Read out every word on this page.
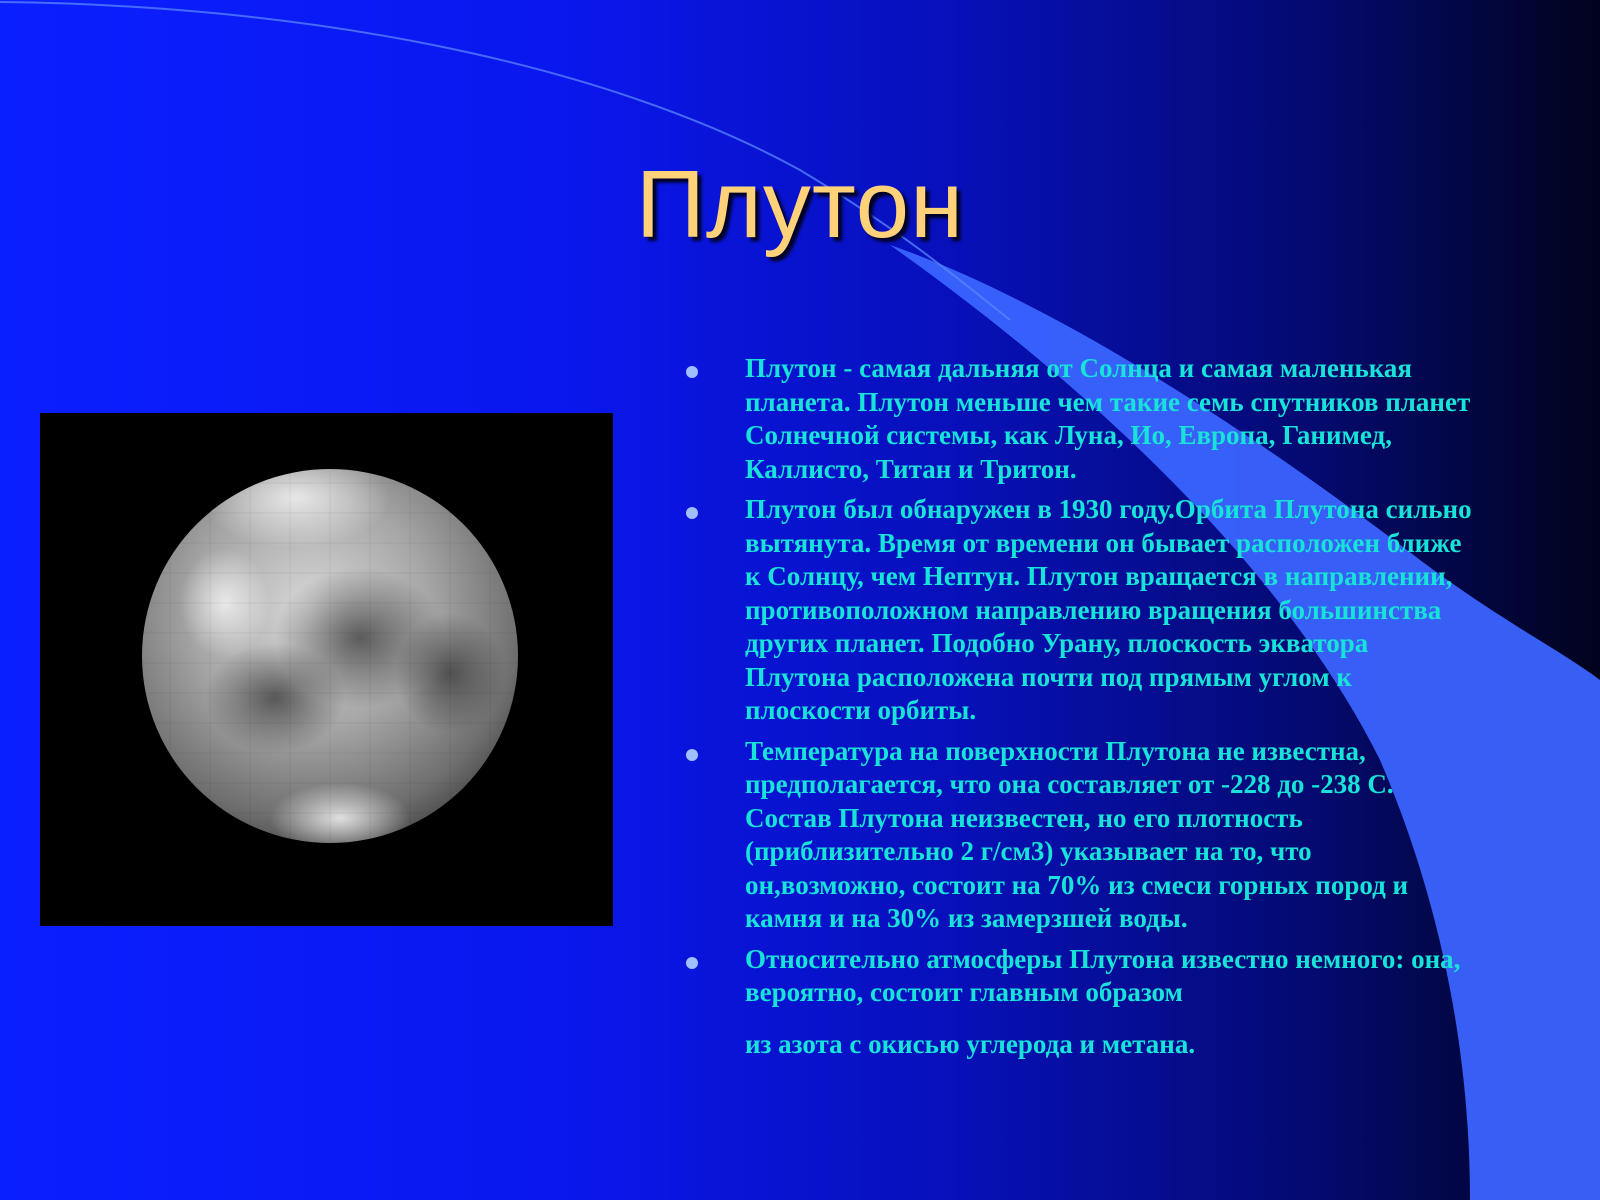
Плутон
Плутон - самая дальняя от Солнца и самая маленькая планета. Плутон меньше чем такие семь спутников планет Солнечной системы, как Луна, Ио, Европа, Ганимед, Каллисто, Титан и Тритон.
Плутон был обнаружен в 1930 году.Орбита Плутона сильно вытянута. Время от времени он бывает расположен ближе к Солнцу, чем Нептун. Плутон вращается в направлении, противоположном направлению вращения большинства других планет. Подобно Урану, плоскость экватора Плутона расположена почти под прямым углом к плоскости орбиты.
Температура на поверхности Плутона не известна, предполагается, что она составляет от -228 до -238 С. Состав Плутона неизвестен, но его плотность (приблизительно 2 г/см3) указывает на то, что он,возможно, состоит на 70% из смеси горных пород и камня и на 30% из замерзшей воды.
Относительно атмосферы Плутона известно немного: она, вероятно, состоит главным образом
из азота с окисью углерода и метана.
